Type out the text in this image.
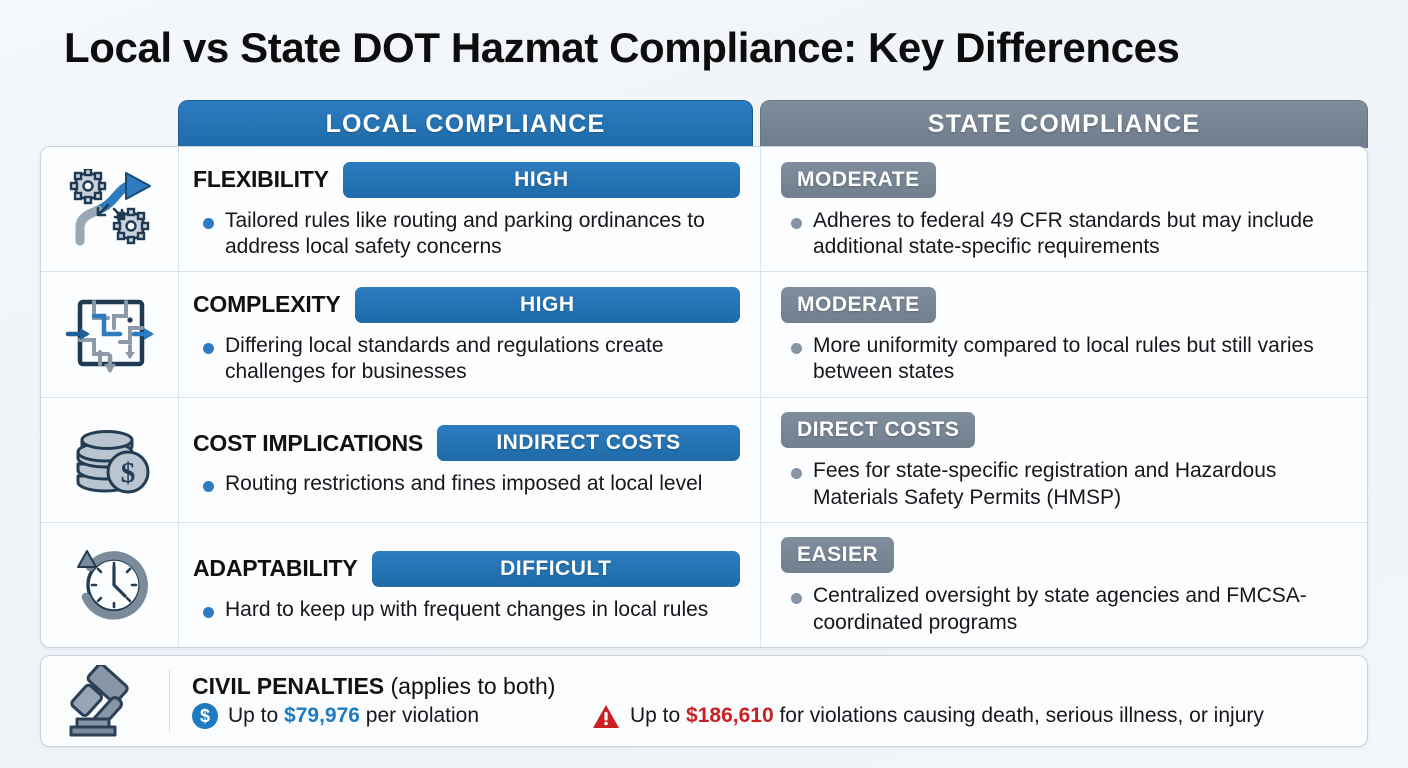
Local vs State DOT Hazmat Compliance: Key Differences
LOCAL COMPLIANCE	STATE COMPLIANCE
FLEXIBILITY	HIGH
Tailored rules like routing and parking ordinances to address local safety concerns
MODERATE
Adheres to federal 49 CFR standards but may include additional state-specific requirements
COMPLEXITY	HIGH
Differing local standards and regulations create challenges for businesses
MODERATE
More uniformity compared to local rules but still varies between states
$
COST IMPLICATIONS	INDIRECT COSTS
Routing restrictions and fines imposed at local level
DIRECT COSTS
Fees for state-specific registration and Hazardous Materials Safety Permits (HMSP)
ADAPTABILITY	DIFFICULT
Hard to keep up with frequent changes in local rules
EASIER
Centralized oversight by state agencies and FMCSA-coordinated programs
CIVIL PENALTIES (applies to both)
$ Up to $79,976 per violation	Up to $186,610 for violations causing death, serious illness, or injury
